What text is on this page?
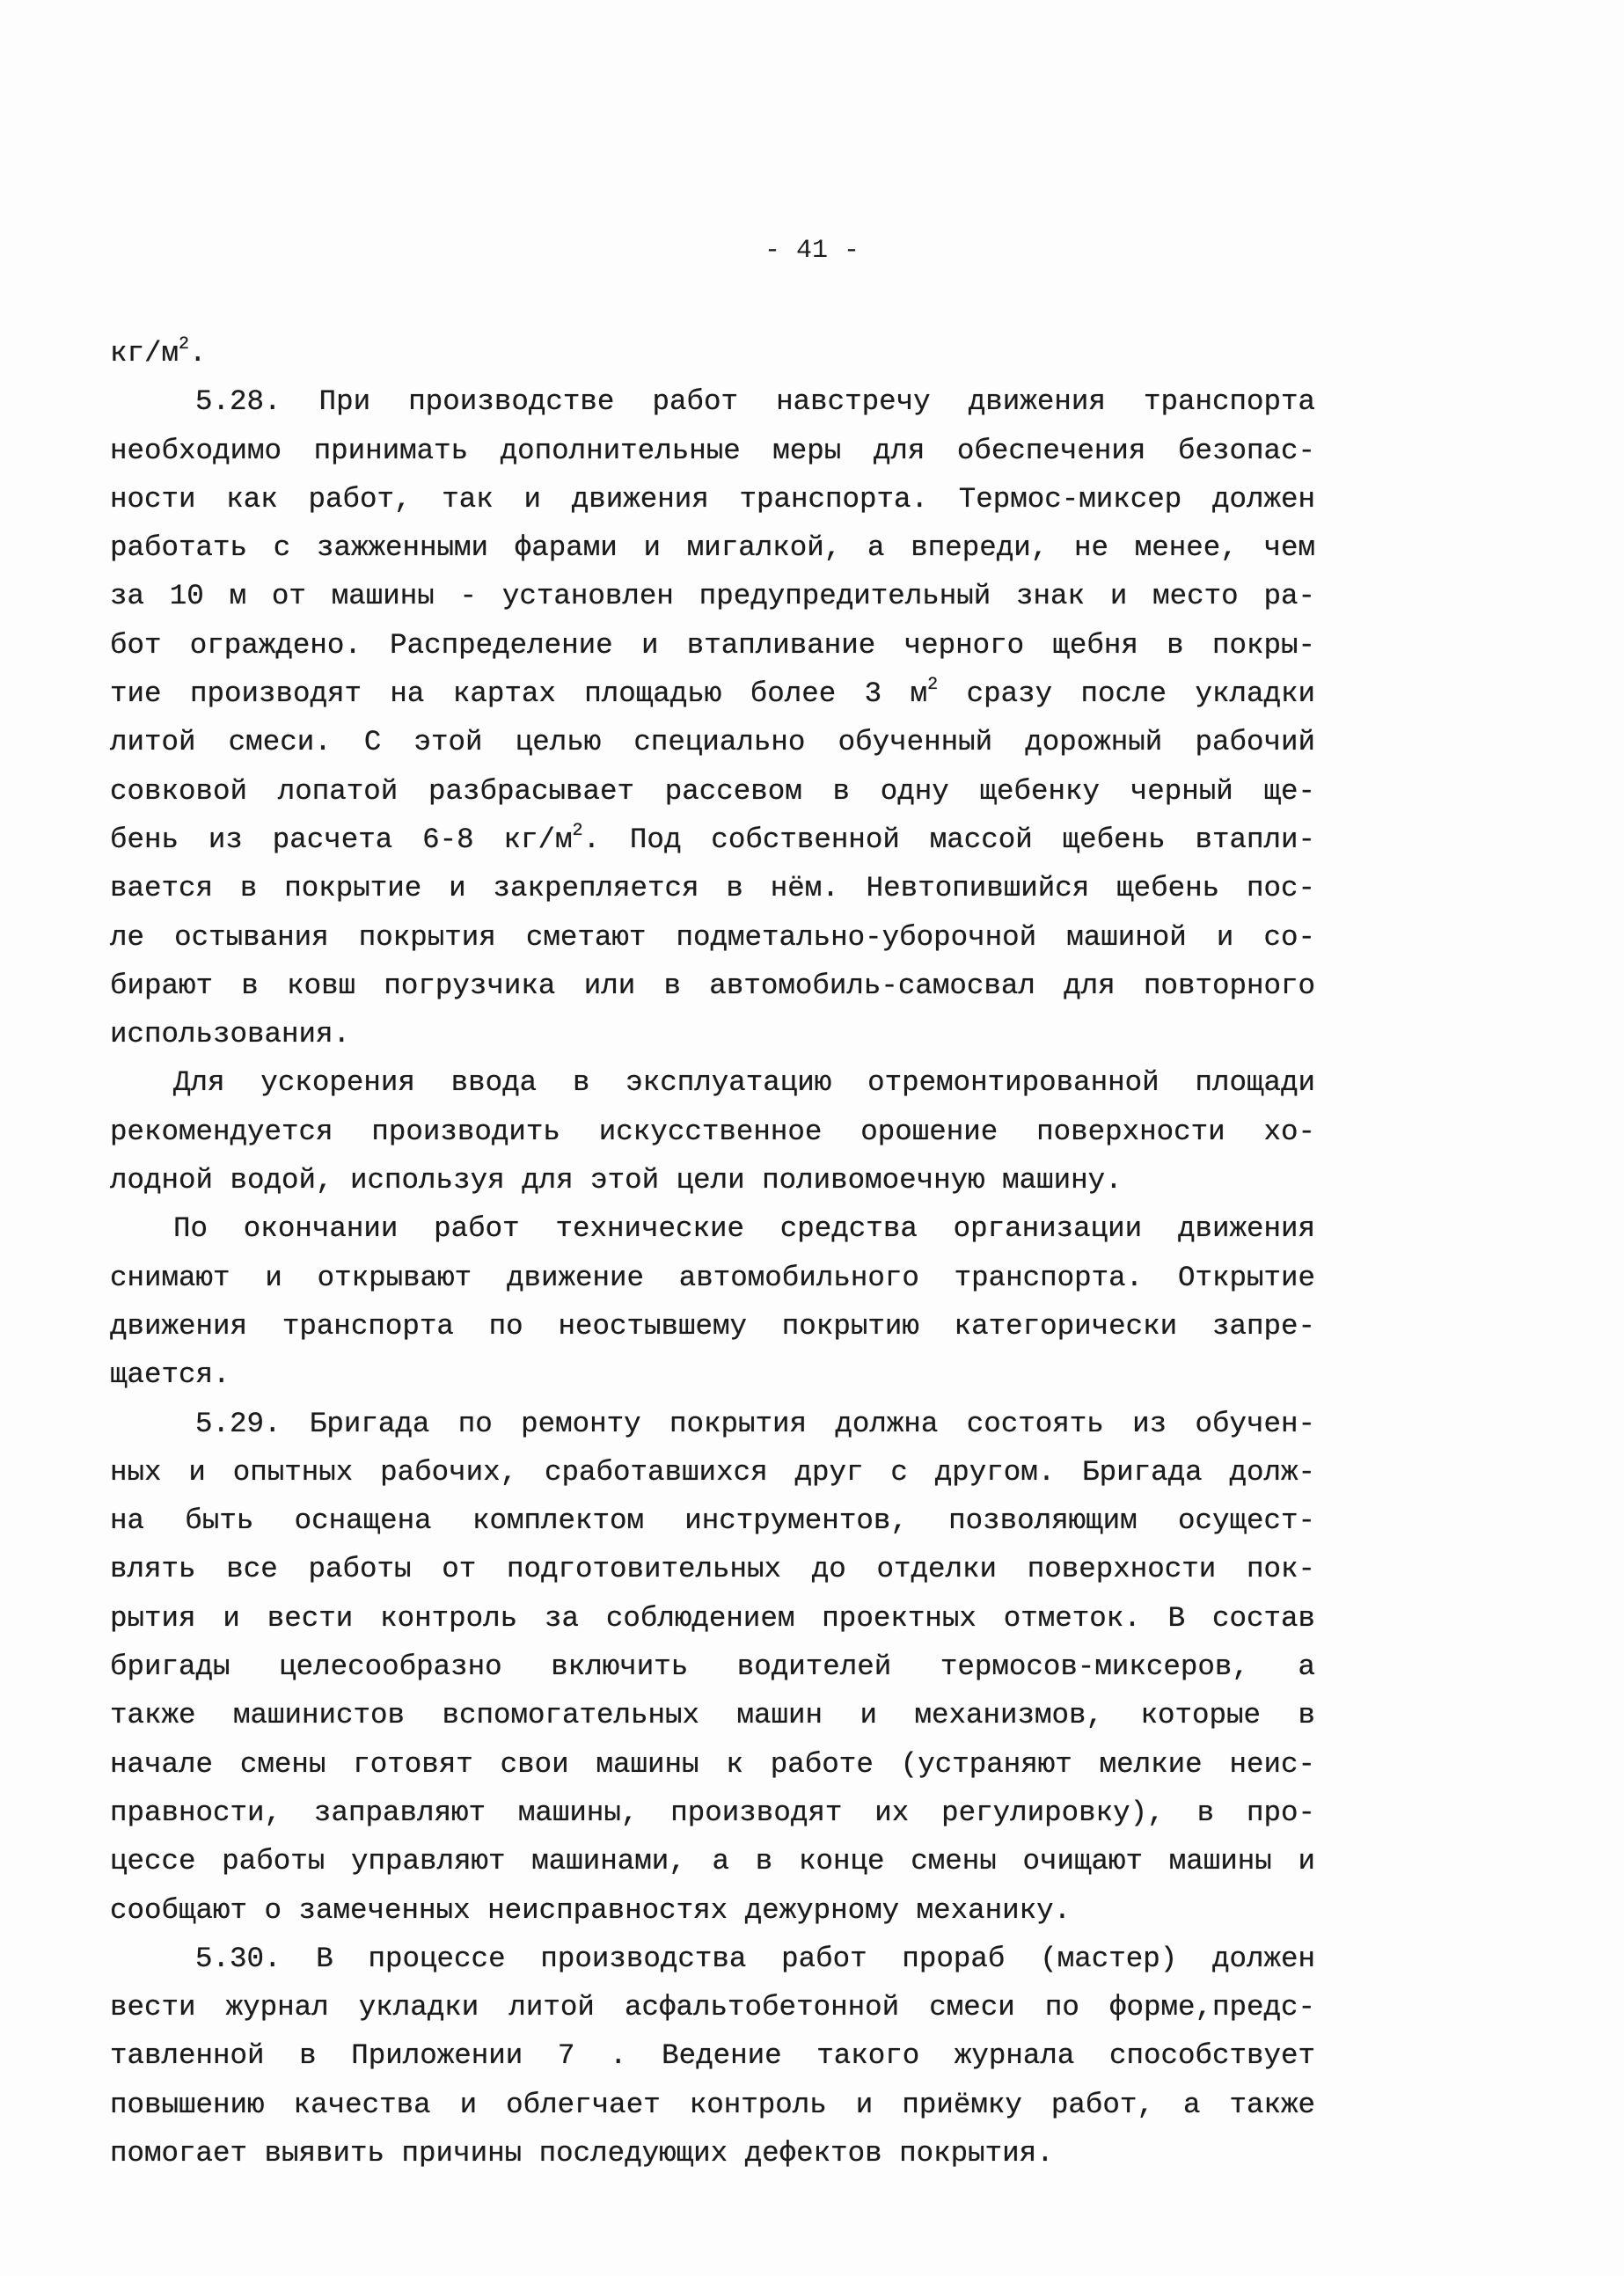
- 41 -
$кг/м^2$.
5.28. При производстве работ навстречу движения транспорта
необходимо принимать дополнительные меры для обеспечения безопас-
ности как работ, так и движения транспорта. Термос-миксер должен
работать с зажженными фарами и мигалкой, а впереди, не менее, чем
за 10 м от машины - установлен предупредительный знак и место ра-
бот ограждено. Распределение и втапливание черного щебня в покры-
тие производят на картах площадью более 3 $м^2$ сразу после укладки
литой смеси. С этой целью специально обученный дорожный рабочий
совковой лопатой разбрасывает рассевом в одну щебенку черный ще-
бень из расчета 6-8 $кг/м^2$. Под собственной массой щебень втапли-
вается в покрытие и закрепляется в нём. Невтопившийся щебень пос-
ле остывания покрытия сметают подметально-уборочной машиной и со-
бирают в ковш погрузчика или в автомобиль-самосвал для повторного
использования.
Для ускорения ввода в эксплуатацию отремонтированной площади
рекомендуется производить искусственное орошение поверхности хо-
лодной водой, используя для этой цели поливомоечную машину.
По окончании работ технические средства организации движения
снимают и открывают движение автомобильного транспорта. Открытие
движения транспорта по неостывшему покрытию категорически запре-
щается.
5.29. Бригада по ремонту покрытия должна состоять из обучен-
ных и опытных рабочих, сработавшихся друг с другом. Бригада долж-
на быть оснащена комплектом инструментов, позволяющим осущест-
влять все работы от подготовительных до отделки поверхности пок-
рытия и вести контроль за соблюдением проектных отметок. В состав
бригады целесообразно включить водителей термосов-миксеров, а
также машинистов вспомогательных машин и механизмов, которые в
начале смены готовят свои машины к работе (устраняют мелкие неис-
правности, заправляют машины, производят их регулировку), в про-
цессе работы управляют машинами, а в конце смены очищают машины и
сообщают о замеченных неисправностях дежурному механику.
5.30. В процессе производства работ прораб (мастер) должен
вести журнал укладки литой асфальтобетонной смеси по форме,предс-
тавленной в Приложении 7 . Ведение такого журнала способствует
повышению качества и облегчает контроль и приёмку работ, а также
помогает выявить причины последующих дефектов покрытия.
